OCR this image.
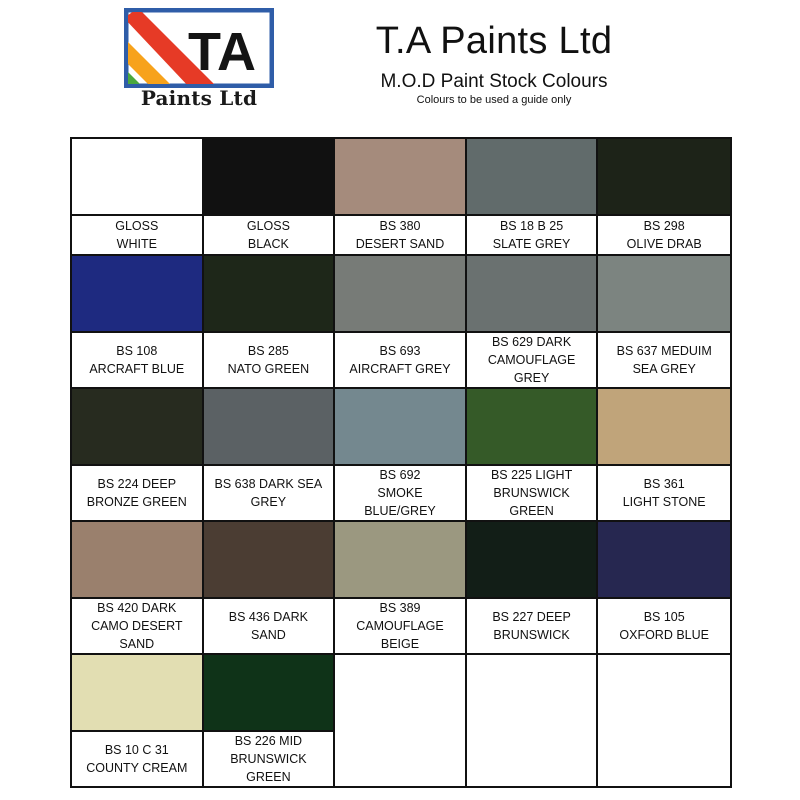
TA
Paints Ltd
T.A Paints Ltd
M.O.D Paint Stock Colours
Colours to be used a guide only
GLOSS
WHITE
GLOSS
BLACK
BS 380
DESERT SAND
BS 18 B 25
SLATE GREY
BS 298
OLIVE DRAB
BS 108
ARCRAFT BLUE
BS 285
NATO GREEN
BS 693
AIRCRAFT GREY
BS 629 DARK
CAMOUFLAGE
GREY
BS 637 MEDUIM
SEA GREY
BS 224 DEEP
BRONZE GREEN
BS 638 DARK SEA
GREY
BS 692
SMOKE
BLUE/GREY
BS 225 LIGHT
BRUNSWICK
GREEN
BS 361
LIGHT STONE
BS 420 DARK
CAMO DESERT
SAND
BS 436 DARK
SAND
BS 389
CAMOUFLAGE
BEIGE
BS 227 DEEP
BRUNSWICK
BS 105
OXFORD BLUE
BS 10 C 31
COUNTY CREAM
BS 226 MID
BRUNSWICK
GREEN
